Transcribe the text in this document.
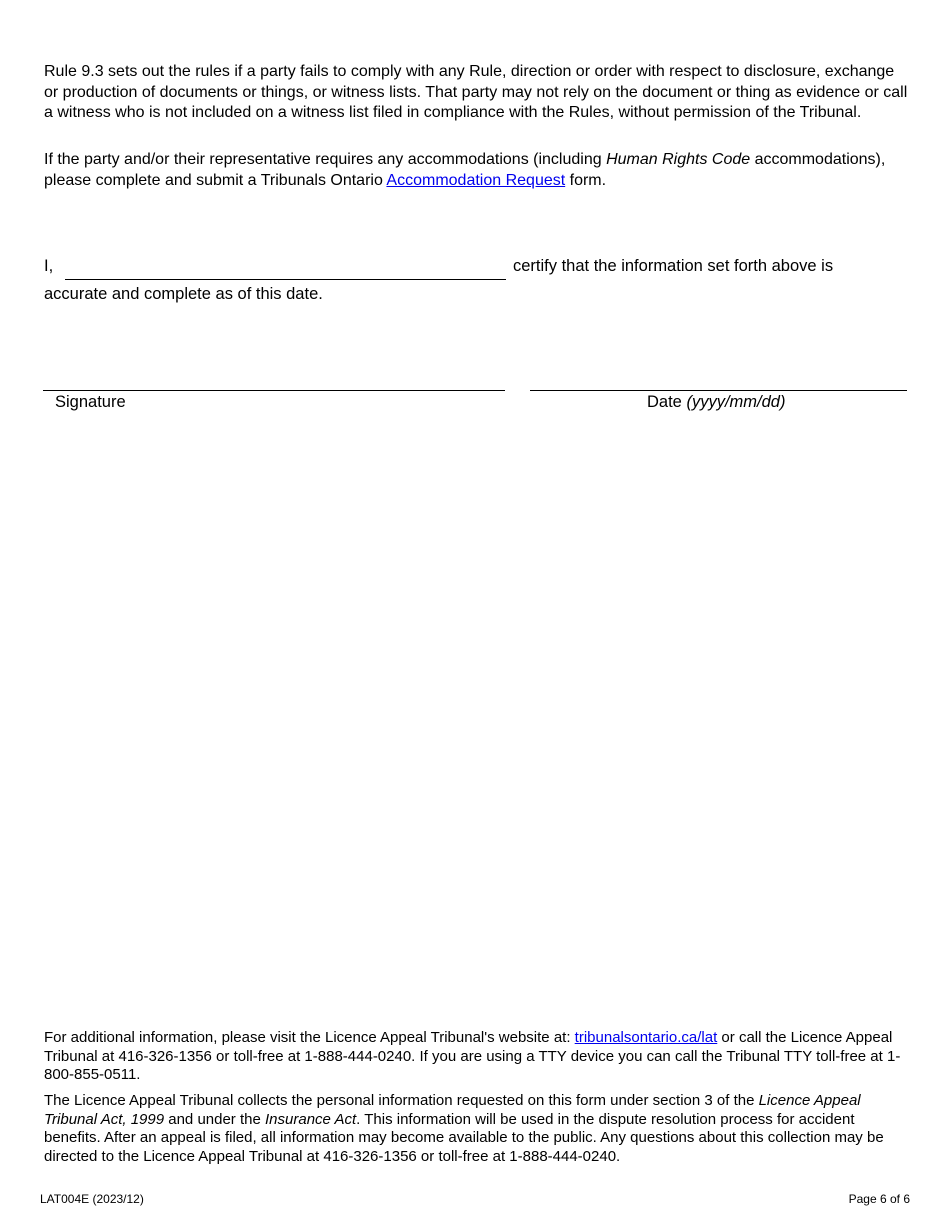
Rule 9.3 sets out the rules if a party fails to comply with any Rule, direction or order with respect to disclosure, exchange or production of documents or things, or witness lists. That party may not rely on the document or thing as evidence or call a witness who is not included on a witness list filed in compliance with the Rules, without permission of the Tribunal.

If the party and/or their representative requires any accommodations (including Human Rights Code accommodations), please complete and submit a Tribunals Ontario Accommodation Request form.

I,	certify that the information set forth above is
accurate and complete as of this date.
Signature	Date (yyyy/mm/dd)

For additional information, please visit the Licence Appeal Tribunal's website at: tribunalsontario.ca/lat or call the Licence Appeal Tribunal at 416-326-1356 or toll-free at 1-888-444-0240. If you are using a TTY device you can call the Tribunal TTY toll-free at 1-800-855-0511.

The Licence Appeal Tribunal collects the personal information requested on this form under section 3 of the Licence Appeal Tribunal Act, 1999 and under the Insurance Act. This information will be used in the dispute resolution process for accident benefits. After an appeal is filed, all information may become available to the public. Any questions about this collection may be directed to the Licence Appeal Tribunal at 416-326-1356 or toll-free at 1-888-444-0240.

LAT004E (2023/12)	Page 6 of 6
